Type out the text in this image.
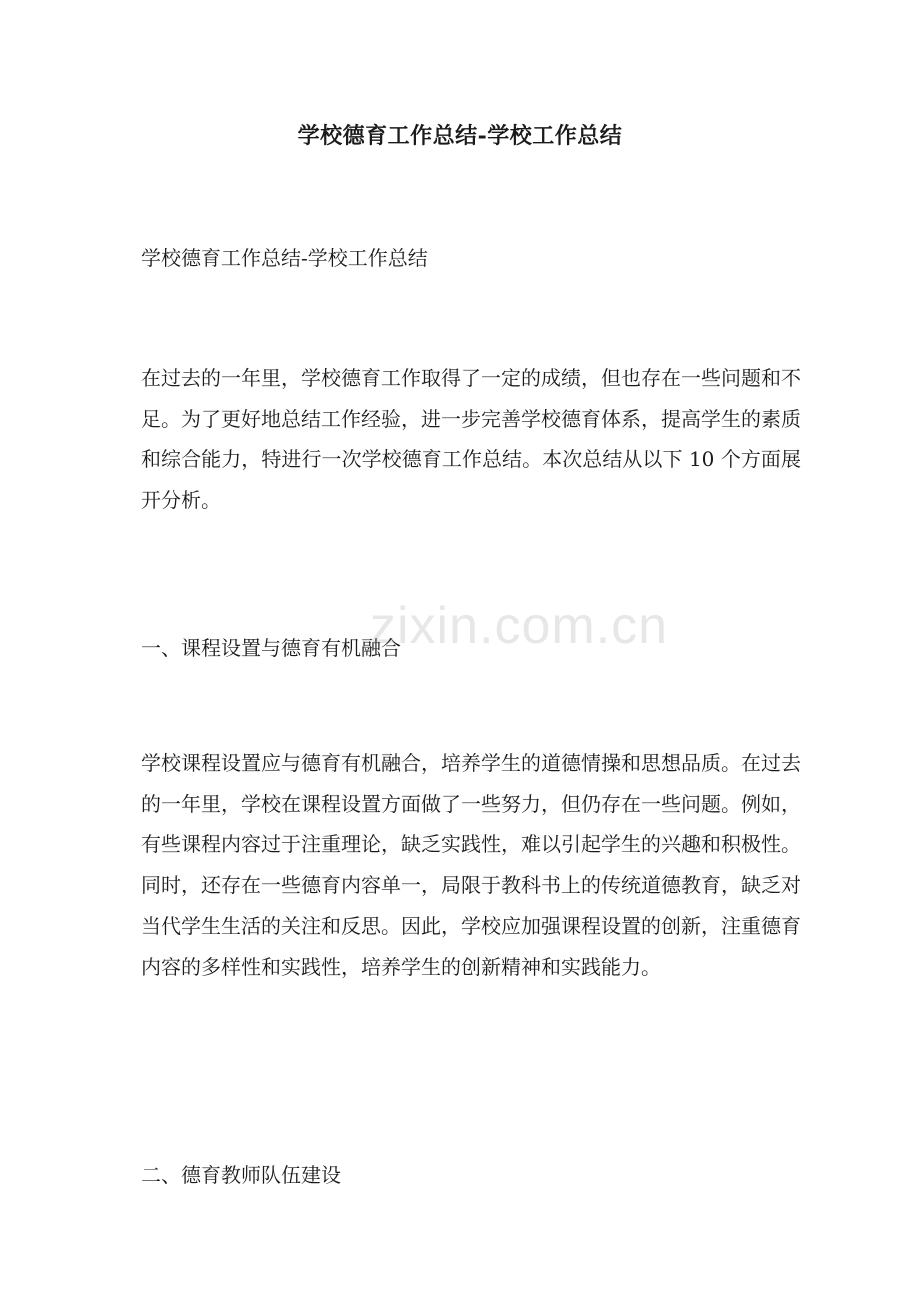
学校德育工作总结-学校工作总结
学校德育工作总结-学校工作总结
在过去的一年里，学校德育工作取得了一定的成绩，但也存在一些问题和不足。为了更好地总结工作经验，进一步完善学校德育体系，提高学生的素质和综合能力，特进行一次学校德育工作总结。本次总结从以下 10 个方面展开分析。
一、课程设置与德育有机融合
学校课程设置应与德育有机融合，培养学生的道德情操和思想品质。在过去的一年里，学校在课程设置方面做了一些努力，但仍存在一些问题。例如，有些课程内容过于注重理论，缺乏实践性，难以引起学生的兴趣和积极性。同时，还存在一些德育内容单一，局限于教科书上的传统道德教育，缺乏对当代学生生活的关注和反思。因此，学校应加强课程设置的创新，注重德育内容的多样性和实践性，培养学生的创新精神和实践能力。
二、德育教师队伍建设
zixin.com.cn
